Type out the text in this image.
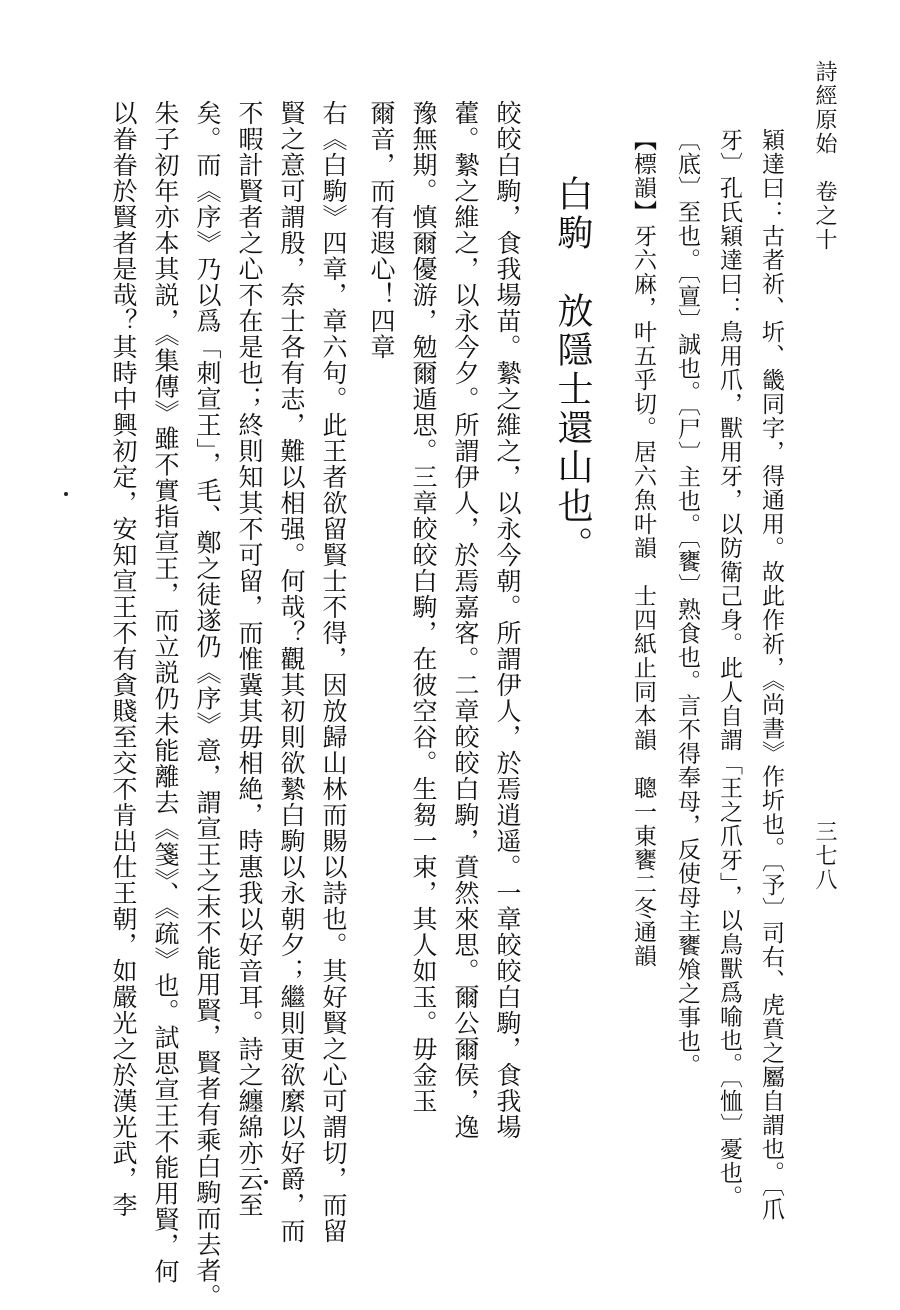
詩經原始　卷之十
三七八
穎達曰：古者祈、圻、畿同字，得通用。故此作祈，《尚書》作圻也。〔予〕司右、虎賁之屬自謂也。〔爪
牙〕孔氏穎達曰：鳥用爪，獸用牙，以防衛己身。此人自謂「王之爪牙」，以鳥獸爲喻也。〔恤〕憂也。
〔底〕至也。〔亶〕誠也。〔尸〕主也。〔饔〕熟食也。言不得奉母，反使母主饔飧之事也。
【標韻】牙六麻，叶五乎切。居六魚叶韻　士四紙止同本韻　聰一東饔二冬通韻
白駒　放隱士還山也。
皎皎白駒，食我場苗。縶之維之，以永今朝。所謂伊人，於焉逍遥。一章皎皎白駒，食我場
藿。縶之維之，以永今夕。所謂伊人，於焉嘉客。二章皎皎白駒，賁然來思。爾公爾侯，逸
豫無期。慎爾優游，勉爾遁思。三章皎皎白駒，在彼空谷。生芻一束，其人如玉。毋金玉
爾音，而有遐心！四章
右《白駒》四章，章六句。此王者欲留賢士不得，因放歸山林而賜以詩也。其好賢之心可謂切，而留
賢之意可謂殷，奈士各有志，難以相强。何哉？觀其初則欲縶白駒以永朝夕；繼則更欲縻以好爵，而
不暇計賢者之心不在是也；終則知其不可留，而惟冀其毋相絶，時惠我以好音耳。詩之纏綿亦云至
矣。而《序》乃以爲「刺宣王」，毛、鄭之徒遂仍《序》意，謂宣王之末不能用賢，賢者有乘白駒而去者。
朱子初年亦本其説，《集傳》雖不實指宣王，而立説仍未能離去《箋》、《疏》也。試思宣王不能用賢，何
以眷眷於賢者是哉？其時中興初定，安知宣王不有貪賤至交不肯出仕王朝，如嚴光之於漢光武，李
